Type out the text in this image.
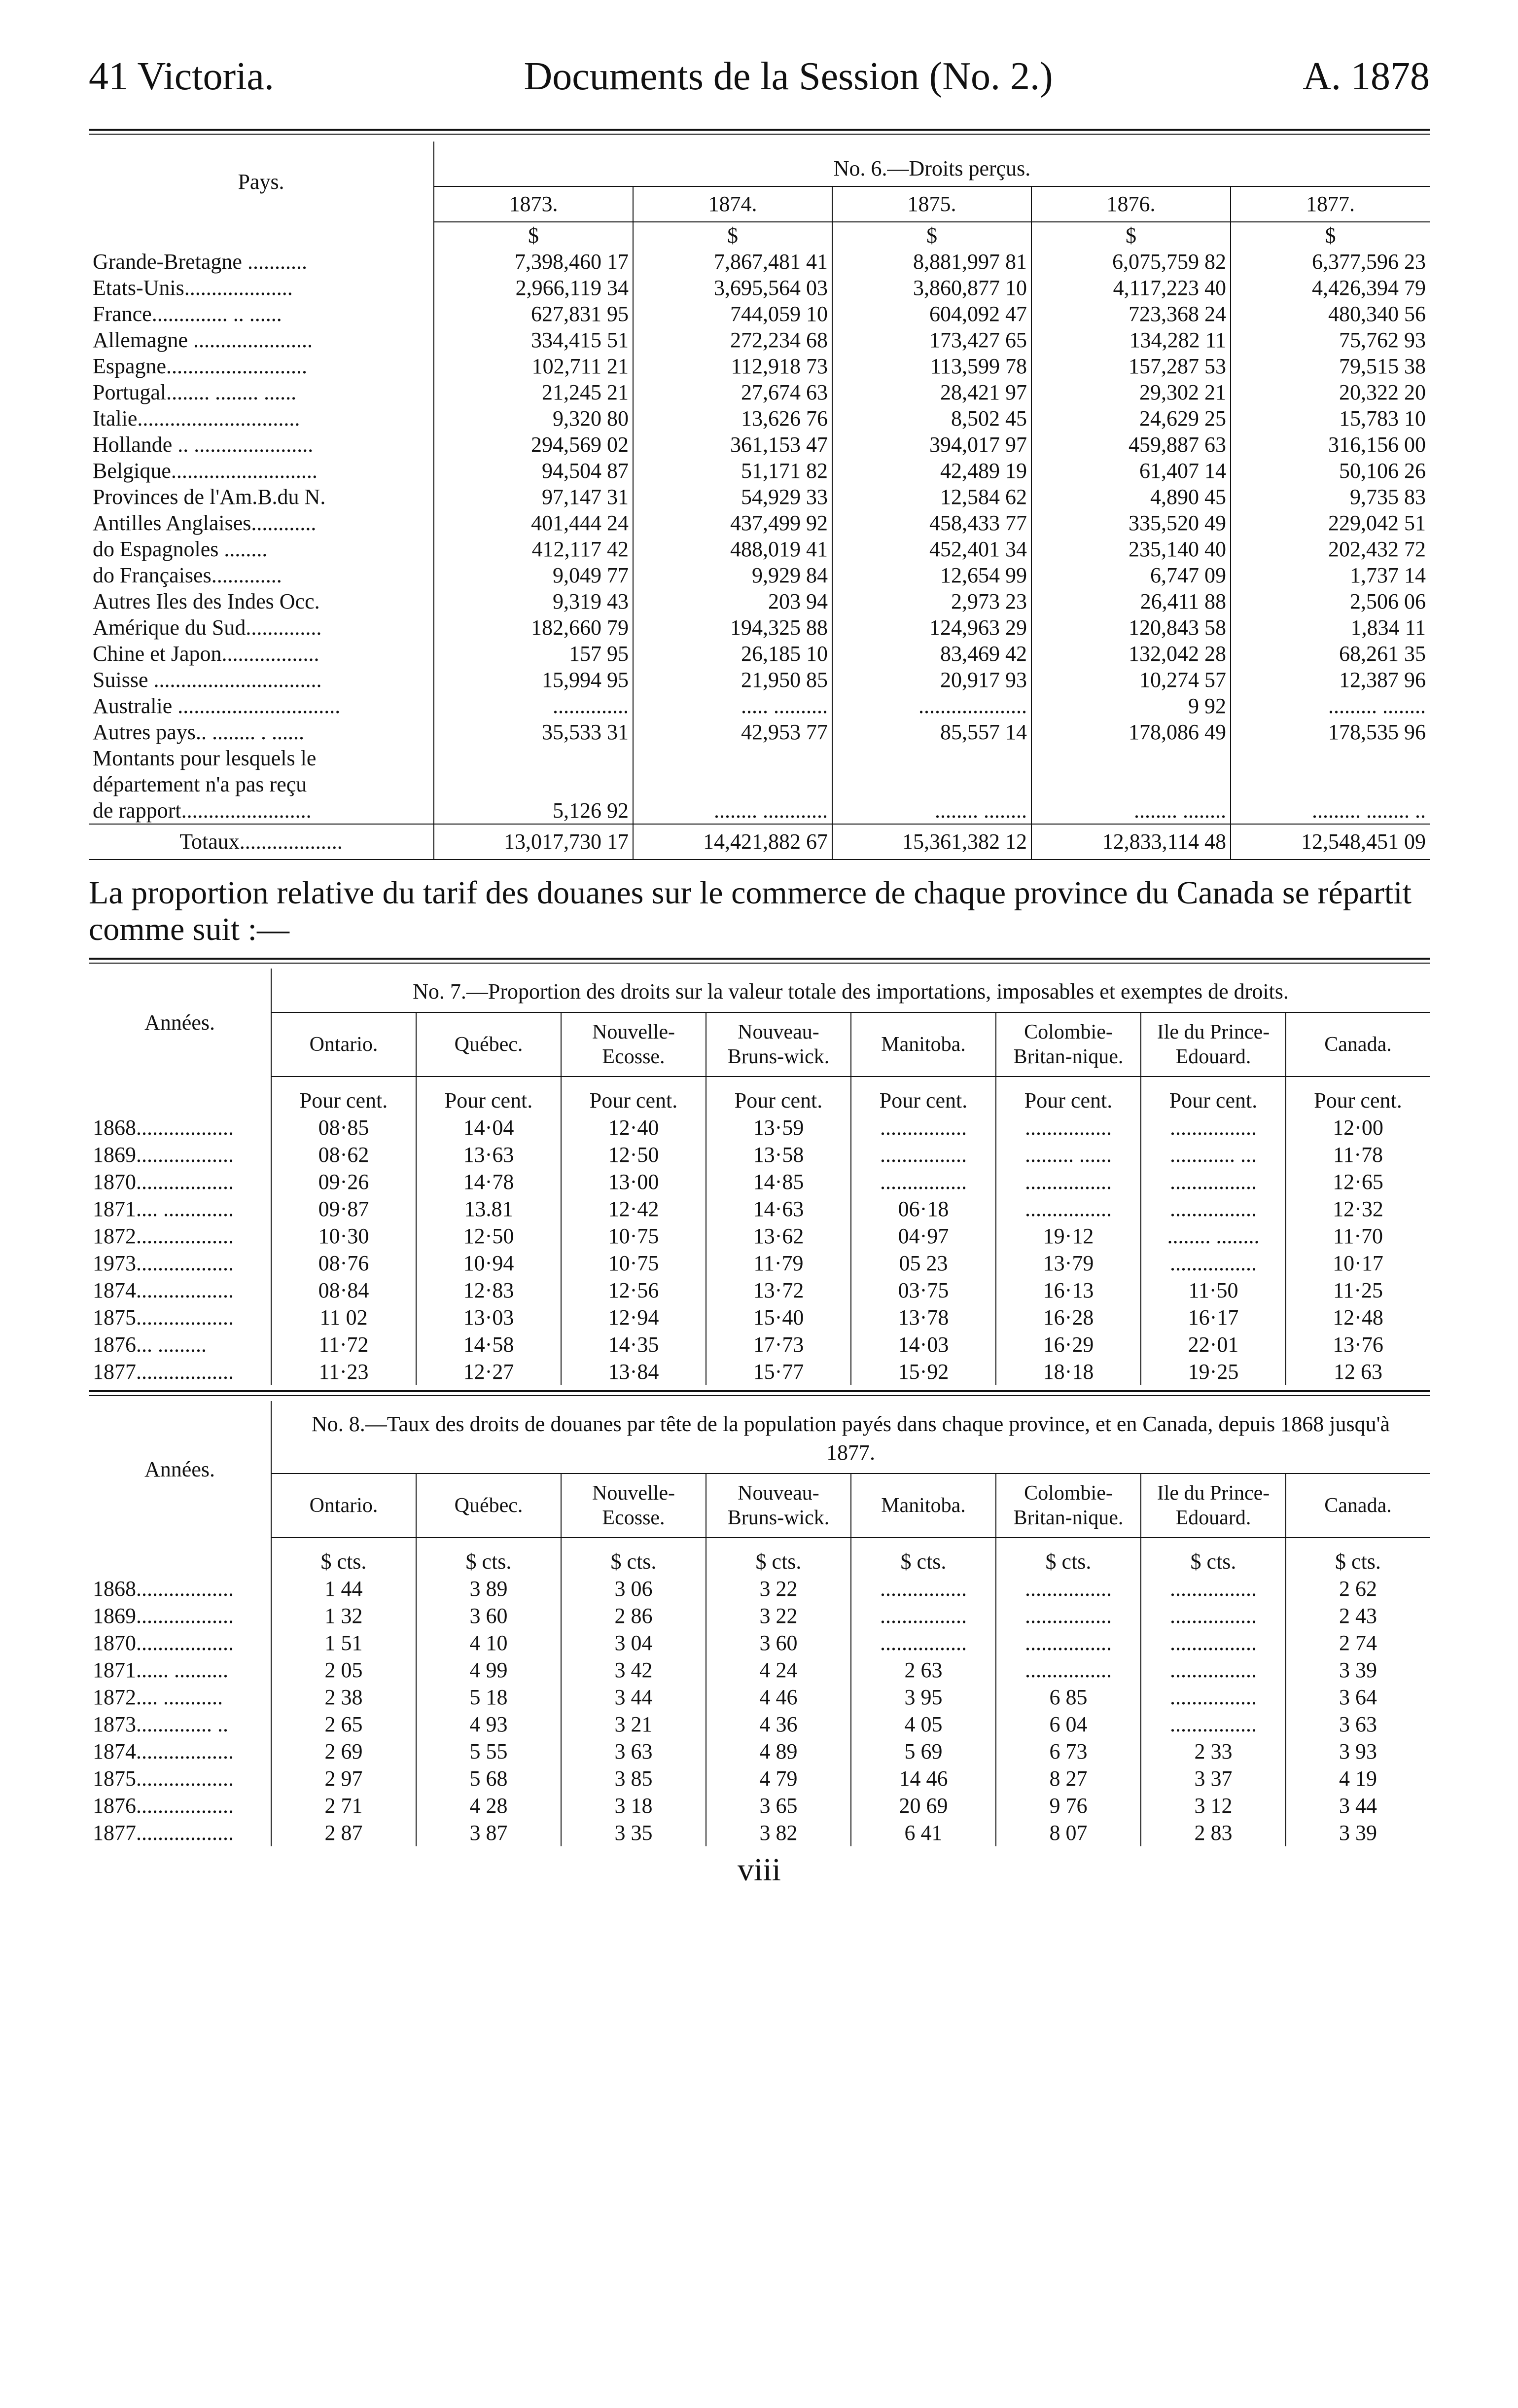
41 Victoria.	Documents de la Session (No. 2.)	A. 1878
Pays.	No. 6.—Droits perçus.				
	1873.	1874.	1875.	1876.	1877.
	$	$	$	$	$
Grande-Bretagne ...........	7,398,460 17	7,867,481 41	8,881,997 81	6,075,759 82	6,377,596 23
Etats-Unis....................	2,966,119 34	3,695,564 03	3,860,877 10	4,117,223 40	4,426,394 79
France.............. .. ......	627,831 95	744,059 10	604,092 47	723,368 24	480,340 56
Allemagne ......................	334,415 51	272,234 68	173,427 65	134,282 11	75,762 93
Espagne..........................	102,711 21	112,918 73	113,599 78	157,287 53	79,515 38
Portugal........ ........ ......	21,245 21	27,674 63	28,421 97	29,302 21	20,322 20
Italie..............................	9,320 80	13,626 76	8,502 45	24,629 25	15,783 10
Hollande .. ......................	294,569 02	361,153 47	394,017 97	459,887 63	316,156 00
Belgique...........................	94,504 87	51,171 82	42,489 19	61,407 14	50,106 26
Provinces de l'Am.B.du N.	97,147 31	54,929 33	12,584 62	4,890 45	9,735 83
Antilles Anglaises............	401,444 24	437,499 92	458,433 77	335,520 49	229,042 51
do Espagnoles ........	412,117 42	488,019 41	452,401 34	235,140 40	202,432 72
do Françaises.............	9,049 77	9,929 84	12,654 99	6,747 09	1,737 14
Autres Iles des Indes Occ.	9,319 43	203 94	2,973 23	26,411 88	2,506 06
Amérique du Sud..............	182,660 79	194,325 88	124,963 29	120,843 58	1,834 11
Chine et Japon..................	157 95	26,185 10	83,469 42	132,042 28	68,261 35
Suisse ...............................	15,994 95	21,950 85	20,917 93	10,274 57	12,387 96
Australie ..............................	..............	..... ..........	....................	9 92	......... ........
Autres pays.. ........ . ......	35,533 31	42,953 77	85,557 14	178,086 49	178,535 96

Montants pour lesquels le
département n'a pas reçu
de rapport........................	5,126 92	........ ............	........ ........	........ ........	......... ........ ..
Totaux...................	13,017,730 17	14,421,882 67	15,361,382 12	12,833,114 48	12,548,451 09

La proportion relative du tarif des douanes sur le commerce de chaque province du Canada se répartit comme suit :—

Années.	No. 7.—Proportion des droits sur la valeur totale des importations, imposables et exemptes de droits.							
	Ontario.	Québec.	Nouvelle-Ecosse.	Nouveau-Bruns-wick.	Manitoba.	Colombie-Britan-nique.	Ile du Prince-Edouard.	Canada.

	Pour cent.	Pour cent.	Pour cent.	Pour cent.	Pour cent.	Pour cent.	Pour cent.	Pour cent.
1868..................	08·85	14·04	12·40	13·59	................	................	................	12·00
1869..................	08·62	13·63	12·50	13·58	................	......... ......	............ ...	11·78
1870..................	09·26	14·78	13·00	14·85	................	................	................	12·65
1871.... .............	09·87	13.81	12·42	14·63	06·18	................	................	12·32
1872..................	10·30	12·50	10·75	13·62	04·97	19·12	........ ........	11·70
1973..................	08·76	10·94	10·75	11·79	05 23	13·79	................	10·17
1874..................	08·84	12·83	12·56	13·72	03·75	16·13	11·50	11·25
1875..................	11 02	13·03	12·94	15·40	13·78	16·28	16·17	12·48
1876... .........	11·72	14·58	14·35	17·73	14·03	16·29	22·01	13·76
1877..................	11·23	12·27	13·84	15·77	15·92	18·18	19·25	12 63
Années.	No. 8.—Taux des droits de douanes par tête de la population payés dans chaque province, et en Canada, depuis 1868 jusqu'à 1877.							
	Ontario.	Québec.	Nouvelle-Ecosse.	Nouveau-Bruns-wick.	Manitoba.	Colombie-Britan-nique.	Ile du Prince-Edouard.	Canada.

	$ cts.	$ cts.	$ cts.	$ cts.	$ cts.	$ cts.	$ cts.	$ cts.
1868..................	1 44	3 89	3 06	3 22	................	................	................	2 62
1869..................	1 32	3 60	2 86	3 22	................	................	................	2 43
1870..................	1 51	4 10	3 04	3 60	................	................	................	2 74
1871...... ..........	2 05	4 99	3 42	4 24	2 63	................	................	3 39
1872.... ...........	2 38	5 18	3 44	4 46	3 95	6 85	................	3 64
1873.............. ..	2 65	4 93	3 21	4 36	4 05	6 04	................	3 63
1874..................	2 69	5 55	3 63	4 89	5 69	6 73	2 33	3 93
1875..................	2 97	5 68	3 85	4 79	14 46	8 27	3 37	4 19
1876..................	2 71	4 28	3 18	3 65	20 69	9 76	3 12	3 44
1877..................	2 87	3 87	3 35	3 82	6 41	8 07	2 83	3 39
viii
